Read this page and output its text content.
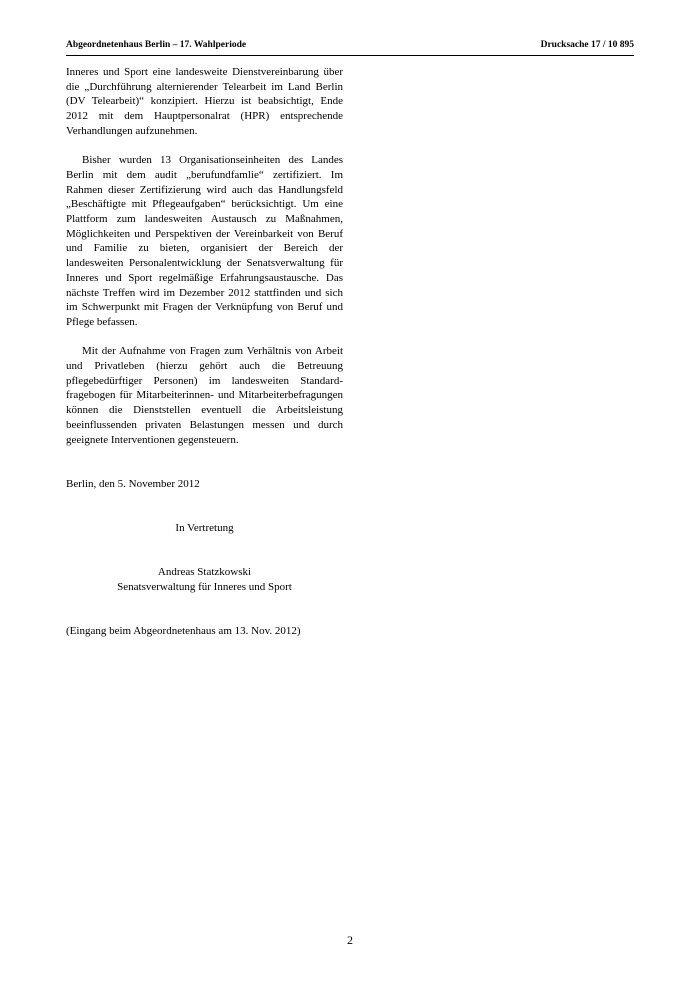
Abgeordnetenhaus Berlin – 17. Wahlperiode	Drucksache 17 / 10 895

Inneres und Sport eine landesweite Dienstvereinbarung über die „Durchführung alternierender Telearbeit im Land Berlin (DV Telearbeit)“ konzipiert. Hierzu ist beabsichtigt, Ende 2012 mit dem Hauptpersonalrat (HPR) entsprechende Verhandlungen aufzunehmen.

Bisher wurden 13 Organisationseinheiten des Landes Berlin mit dem audit „berufundfamlie“ zertifiziert. Im Rahmen dieser Zertifizierung wird auch das Handlungsfeld „Beschäftigte mit Pflegeaufgaben“ berücksichtigt. Um eine Plattform zum landesweiten Austausch zu Maßnahmen, Möglichkeiten und Perspektiven der Vereinbarkeit von Beruf und Familie zu bieten, organisiert der Bereich der landesweiten Personalentwicklung der Senatsverwaltung für Inneres und Sport regelmäßige Erfahrungsaustausche. Das nächste Treffen wird im Dezember 2012 stattfinden und sich im Schwerpunkt mit Fragen der Verknüpfung von Beruf und Pflege befassen.

Mit der Aufnahme von Fragen zum Verhältnis von Arbeit und Privatleben (hierzu gehört auch die Betreuung pflegebedürftiger Personen) im landesweiten Standardfragebogen für Mitarbeiterinnen- und Mitarbeiterbefragungen können die Dienststellen eventuell die Arbeitsleistung beeinflussenden privaten Belastungen messen und durch geeignete Interventionen gegensteuern.

Berlin, den 5. November 2012

In Vertretung

Andreas Statzkowski
Senatsverwaltung für Inneres und Sport

(Eingang beim Abgeordnetenhaus am 13. Nov. 2012)

2
